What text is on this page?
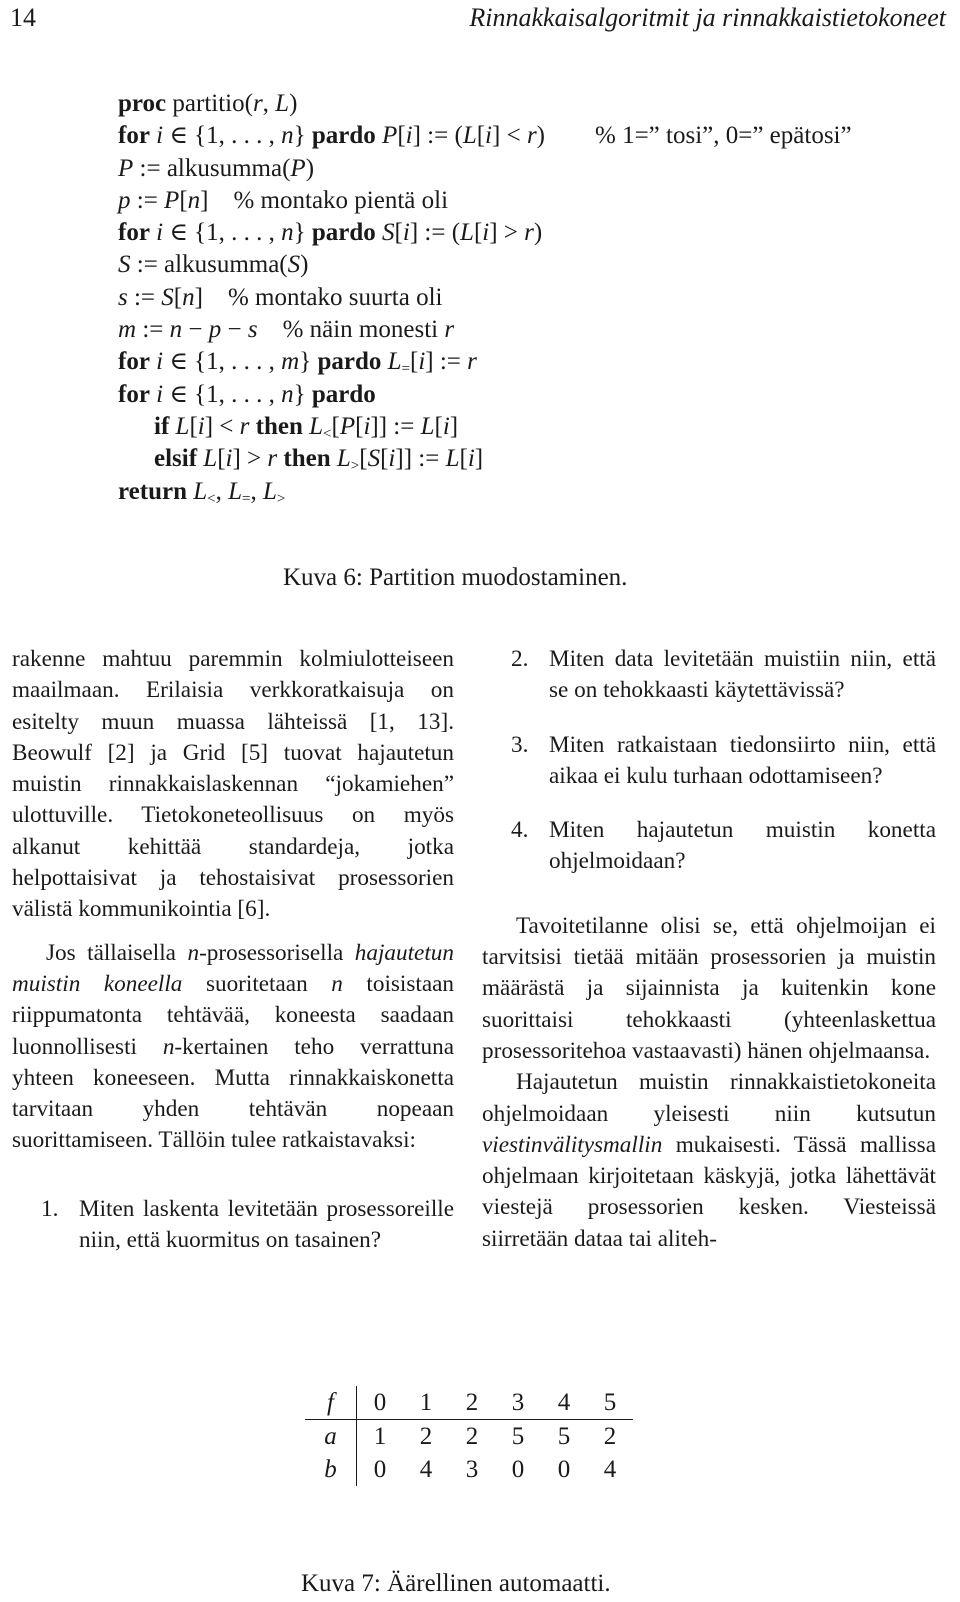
14	Rinnakkaisalgoritmit ja rinnakkaistietokoneet
proc partitio(r, L)
for i ∈ {1, . . . , n} pardo P[i] := (L[i] < r) % 1=” tosi”, 0=” epätosi”
P := alkusumma(P)
p := P[n]    % montako pientä oli
for i ∈ {1, . . . , n} pardo S[i] := (L[i] > r)
S := alkusumma(S)
s := S[n]    % montako suurta oli
m := n − p − s % näin monesti r
for i ∈ {1, . . . , m} pardo $L_=[i]$ := r
for i ∈ {1, . . . , n} pardo
if L[i] < r then $L_<[P[i]]$ := L[i]
elsif L[i] > r then $L_>[S[i]]$ := L[i]
return $L_<$, $L_=$, $L_>$
Kuva 6: Partition muodostaminen.

rakenne mahtuu paremmin kolmiulotteiseen maailmaan. Erilaisia verkkoratkaisuja on esitelty muun muassa lähteissä [1, 13]. Beowulf [2] ja Grid [5] tuovat hajautetun muistin rinnakkaislaskennan “jokamiehen” ulottuville. Tietokoneteollisuus on myös alkanut kehittää standardeja, jotka helpottaisivat ja tehostaisivat prosessorien välistä kommunikointia [6].

Jos tällaisella n-prosessorisella hajautetun muistin koneella suoritetaan n toisistaan riippumatonta tehtävää, koneesta saadaan luonnollisesti n-kertainen teho verrattuna yhteen koneeseen. Mutta rinnakkaiskonetta tarvitaan yhden tehtävän nopeaan suorittamiseen. Tällöin tulee ratkaistavaksi:

1. Miten laskenta levitetään prosessoreille niin, että kuormitus on tasainen?

2. Miten data levitetään muistiin niin, että se on tehokkaasti käytettävissä?

3. Miten ratkaistaan tiedonsiirto niin, että aikaa ei kulu turhaan odottamiseen?

4. Miten hajautetun muistin konetta ohjelmoidaan?

Tavoitetilanne olisi se, että ohjelmoijan ei tarvitsisi tietää mitään prosessorien ja muistin määrästä ja sijainnista ja kuitenkin kone suorittaisi tehokkaasti (yhteenlaskettua prosessoritehoa vastaavasti) hänen ohjelmaansa.

Hajautetun muistin rinnakkaistietokoneita ohjelmoidaan yleisesti niin kutsutun viestinvälitysmallin mukaisesti. Tässä mallissa ohjelmaan kirjoitetaan käskyjä, jotka lähettävät viestejä prosessorien kesken. Viesteissä siirretään dataa tai aliteh-

f	0	1	2	3	4	5
a	1	2	2	5	5	2
b	0	4	3	0	0	4
Kuva 7: Äärellinen automaatti.
